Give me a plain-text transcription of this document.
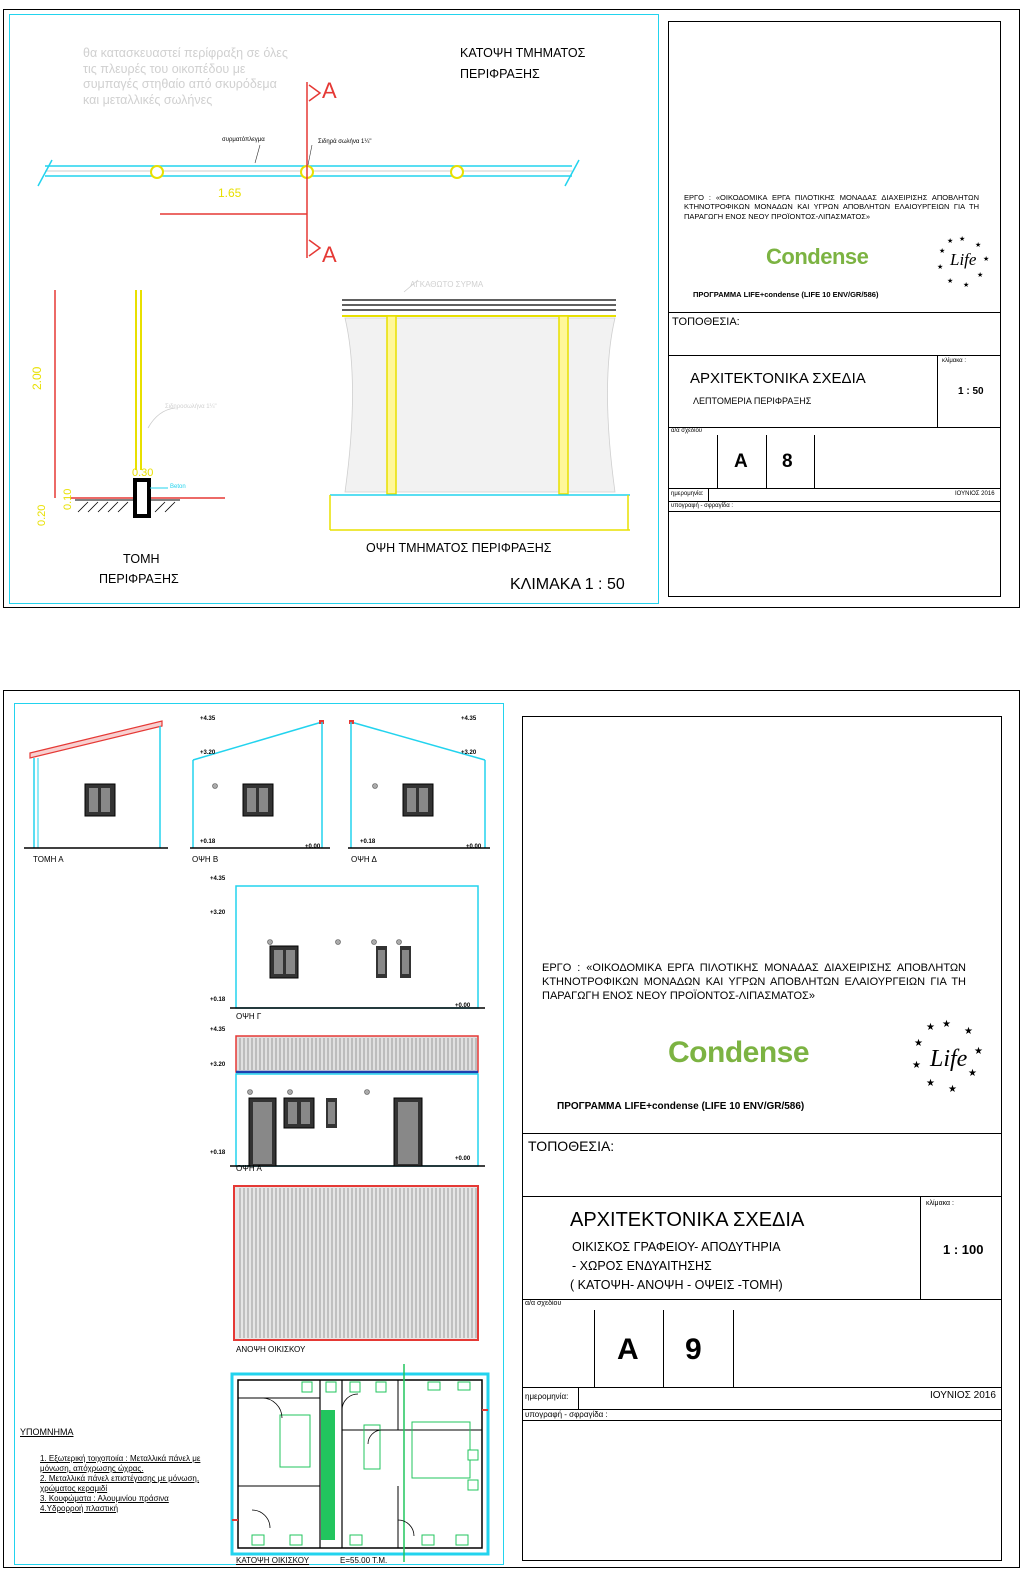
θα κατασκευαστεί περίφραξη σε όλες τις πλευρές του οικοπέδου με συμπαγές στηθαίο από σκυρόδεμα και μεταλλικές σωλήνες
ΚΑΤΟΨΗ ΤΜΗΜΑΤΟΣ
ΠΕΡΙΦΡΑΞΗΣ
A
A
συρματόπλεγμα	Σιδηρά σωλήνα 1¼"
1.65
2.00
0.20
0.10
0.30
Σιδηροσωλήνα 1¼"
Beton
ΑΓΚΑΘΩΤΟ ΣΥΡΜΑ
ΤΟΜΗ
ΠΕΡΙΦΡΑΞΗΣ
ΟΨΗ ΤΜΗΜΑΤΟΣ ΠΕΡΙΦΡΑΞΗΣ
ΚΛΙΜΑΚΑ 1 : 50
ΕΡΓΟ : «ΟΙΚΟΔΟΜΙΚΑ ΕΡΓΑ ΠΙΛΟΤΙΚΗΣ ΜΟΝΑΔΑΣ ΔΙΑΧΕΙΡΙΣΗΣ ΑΠΟΒΛΗΤΩΝ ΚΤΗΝΟΤΡΟΦΙΚΩΝ ΜΟΝΑΔΩΝ ΚΑΙ ΥΓΡΩΝ ΑΠΟΒΛΗΤΩΝ ΕΛΑΙΟΥΡΓΕΙΩΝ ΓΙΑ ΤΗ ΠΑΡΑΓΩΓΗ ΕΝΟΣ ΝΕΟΥ ΠΡΟΪΟΝΤΟΣ-ΛΙΠΑΣΜΑΤΟΣ»
Condense	Life
★
★
★
★
★
★
★
★
★
ΠΡΟΓΡΑΜΜΑ LIFE+condense (LIFE 10 ENV/GR/586)
ΤΟΠΟΘΕΣΙΑ:
κλίμακα :
1 : 50
ΑΡΧΙΤΕΚΤΟΝΙΚΑ ΣΧΕΔΙΑ
ΛΕΠΤΟΜΕΡΙΑ ΠΕΡΙΦΡΑΞΗΣ
α/α σχεδίου
A 8
ημερομηνία:	ΙΟΥΝΙΟΣ 2016
υπογραφή - σφραγίδα :
+4.35
+3.20
+0.18
+0.00
+4.35
+3.20
+0.18
+0.00
ΤΟΜΗ Α	ΟΨΗ Β	ΟΨΗ Δ
+4.35
+3.20
+0.18
+0.00
ΟΨΗ Γ
+4.35
+3.20
+0.18
+0.00
ΟΨΗ Α
ΑΝΟΨΗ ΟΙΚΙΣΚΟΥ
ΚΑΤΟΨΗ ΟΙΚΙΣΚΟΥ	Ε=55.00 Τ.Μ.
ΥΠΟΜΝΗΜΑ
1. Εξωτερική τοιχοποιία : Μεταλλικά πάνελ με μόνωση, απόχρωσης ώχρας.
2. Μεταλλικά πάνελ επιστέγασης με μόνωση, χρώματος κεραμιδί
3. Κουφώματα : Αλουμινίου πράσινα
4.Υδρορροή πλαστική
ΕΡΓΟ : «ΟΙΚΟΔΟΜΙΚΑ ΕΡΓΑ ΠΙΛΟΤΙΚΗΣ ΜΟΝΑΔΑΣ ΔΙΑΧΕΙΡΙΣΗΣ ΑΠΟΒΛΗΤΩΝ ΚΤΗΝΟΤΡΟΦΙΚΩΝ ΜΟΝΑΔΩΝ ΚΑΙ ΥΓΡΩΝ ΑΠΟΒΛΗΤΩΝ ΕΛΑΙΟΥΡΓΕΙΩΝ ΓΙΑ ΤΗ ΠΑΡΑΓΩΓΗ ΕΝΟΣ ΝΕΟΥ ΠΡΟΪΟΝΤΟΣ-ΛΙΠΑΣΜΑΤΟΣ»
Condense	Life
★
★
★
★
★
★
★
★
★
ΠΡΟΓΡΑΜΜΑ LIFE+condense (LIFE 10 ENV/GR/586)
ΤΟΠΟΘΕΣΙΑ:
κλίμακα :
1 : 100
ΑΡΧΙΤΕΚΤΟΝΙΚΑ ΣΧΕΔΙΑ
ΟΙΚΙΣΚΟΣ ΓΡΑΦΕΙΟΥ- ΑΠΟΔΥΤΗΡΙΑ
- ΧΩΡΟΣ ΕΝΔΥΑΙΤΗΣΗΣ
( ΚΑΤΟΨΗ- ΑΝΟΨΗ - ΟΨΕΙΣ -ΤΟΜΗ)
α/α σχεδίου
A 9
ημερομηνία:	ΙΟΥΝΙΟΣ 2016
υπογραφή - σφραγίδα :
